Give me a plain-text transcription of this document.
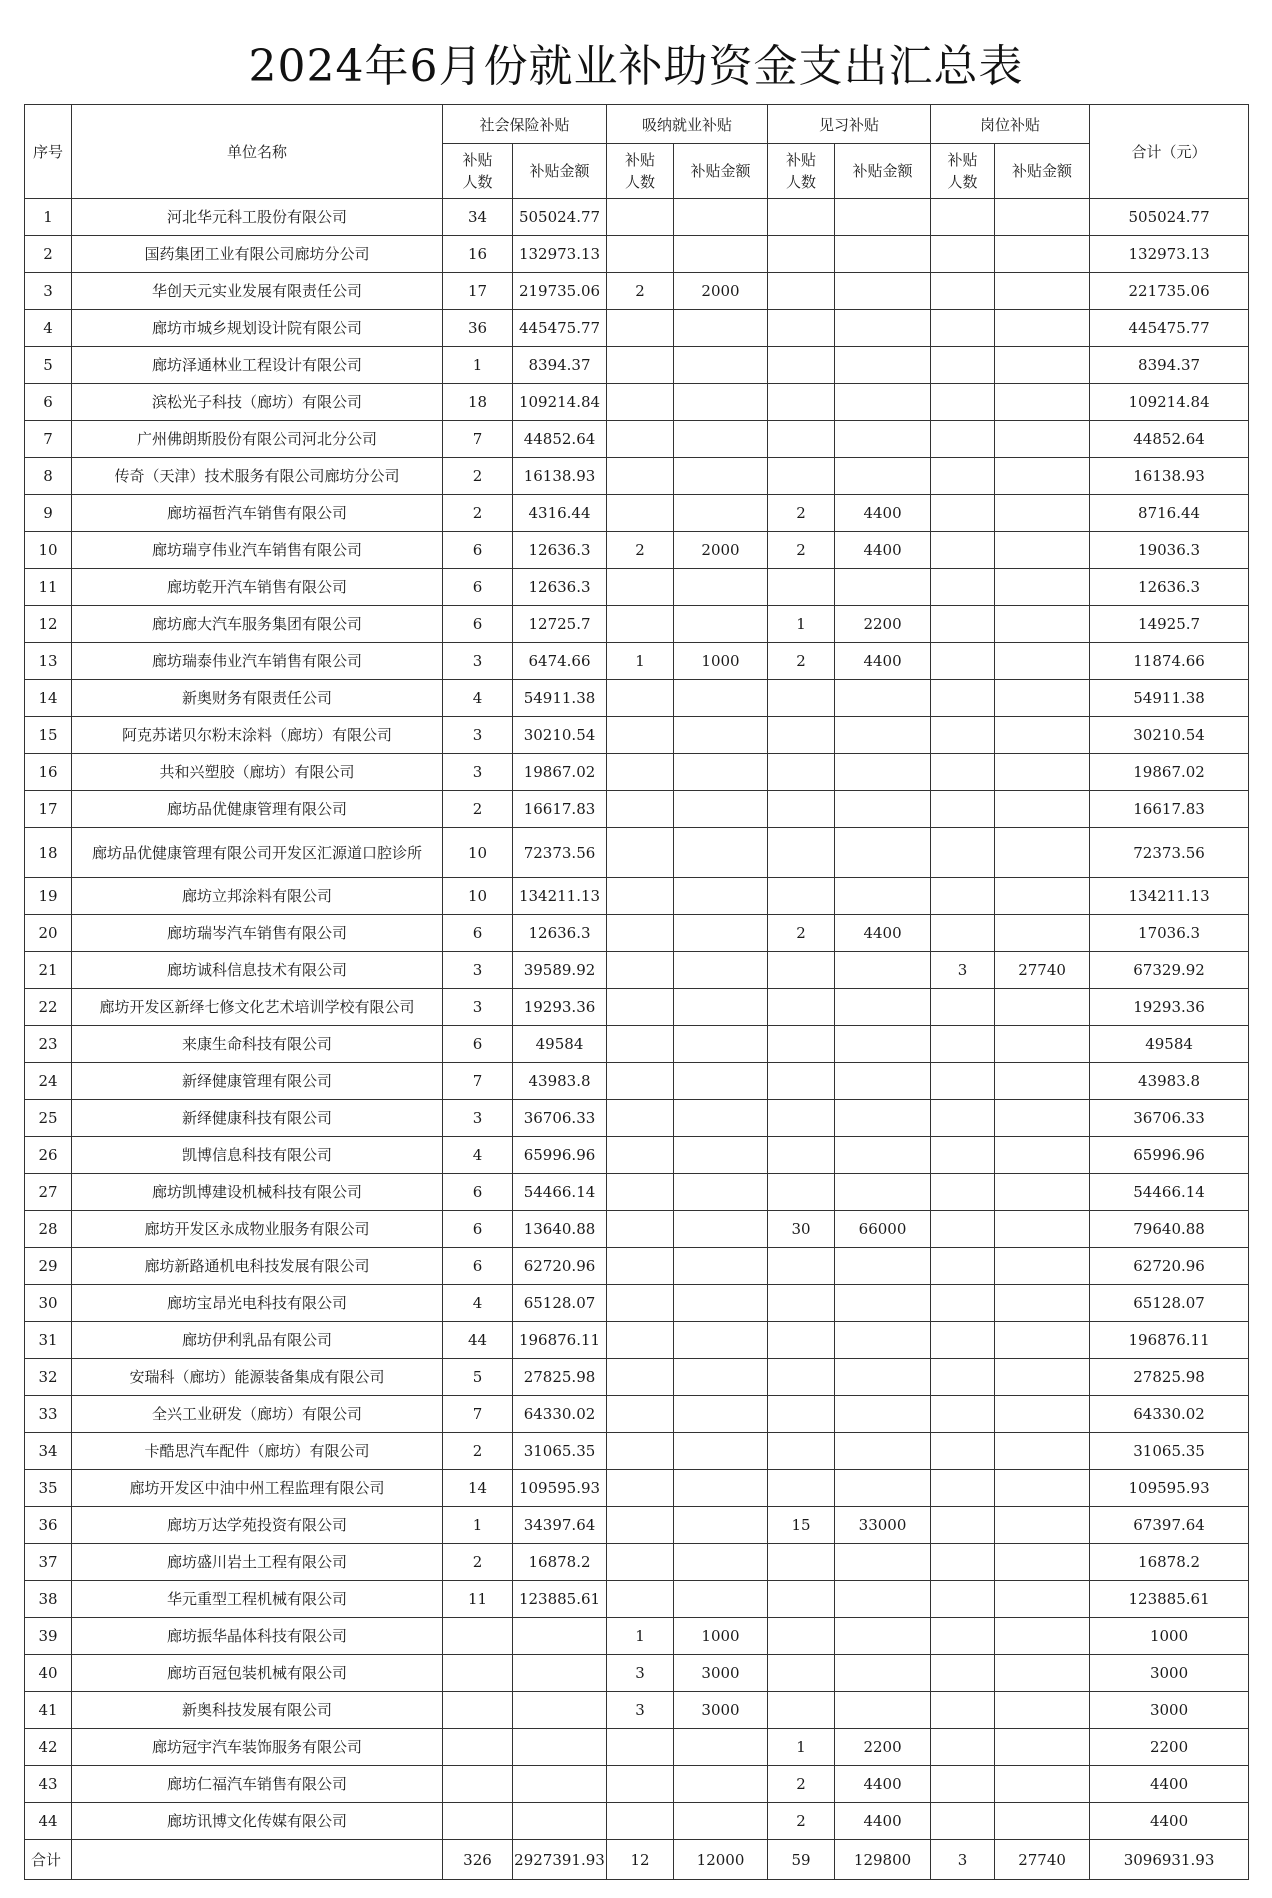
2024年6月份就业补助资金支出汇总表
序号	单位名称	社会保险补贴		吸纳就业补贴		见习补贴		岗位补贴		合计（元）
		补贴人数	补贴金额	补贴人数	补贴金额	补贴人数	补贴金额	补贴人数	补贴金额	
1	河北华元科工股份有限公司	34	505024.77							505024.77
2	国药集团工业有限公司廊坊分公司	16	132973.13							132973.13
3	华创天元实业发展有限责任公司	17	219735.06	2	2000					221735.06
4	廊坊市城乡规划设计院有限公司	36	445475.77							445475.77
5	廊坊泽通林业工程设计有限公司	1	8394.37							8394.37
6	滨松光子科技（廊坊）有限公司	18	109214.84							109214.84
7	广州佛朗斯股份有限公司河北分公司	7	44852.64							44852.64
8	传奇（天津）技术服务有限公司廊坊分公司	2	16138.93							16138.93
9	廊坊福哲汽车销售有限公司	2	4316.44			2	4400			8716.44
10	廊坊瑞亨伟业汽车销售有限公司	6	12636.3	2	2000	2	4400			19036.3
11	廊坊乾开汽车销售有限公司	6	12636.3							12636.3
12	廊坊廊大汽车服务集团有限公司	6	12725.7			1	2200			14925.7
13	廊坊瑞泰伟业汽车销售有限公司	3	6474.66	1	1000	2	4400			11874.66
14	新奥财务有限责任公司	4	54911.38							54911.38
15	阿克苏诺贝尔粉末涂料（廊坊）有限公司	3	30210.54							30210.54
16	共和兴塑胶（廊坊）有限公司	3	19867.02							19867.02
17	廊坊品优健康管理有限公司	2	16617.83							16617.83
18	廊坊品优健康管理有限公司开发区汇源道口腔诊所	10	72373.56							72373.56
19	廊坊立邦涂料有限公司	10	134211.13							134211.13
20	廊坊瑞岑汽车销售有限公司	6	12636.3			2	4400			17036.3
21	廊坊诚科信息技术有限公司	3	39589.92					3	27740	67329.92
22	廊坊开发区新绎七修文化艺术培训学校有限公司	3	19293.36							19293.36
23	来康生命科技有限公司	6	49584							49584
24	新绎健康管理有限公司	7	43983.8							43983.8
25	新绎健康科技有限公司	3	36706.33							36706.33
26	凯博信息科技有限公司	4	65996.96							65996.96
27	廊坊凯博建设机械科技有限公司	6	54466.14							54466.14
28	廊坊开发区永成物业服务有限公司	6	13640.88			30	66000			79640.88
29	廊坊新路通机电科技发展有限公司	6	62720.96							62720.96
30	廊坊宝昂光电科技有限公司	4	65128.07							65128.07
31	廊坊伊利乳品有限公司	44	196876.11							196876.11
32	安瑞科（廊坊）能源装备集成有限公司	5	27825.98							27825.98
33	全兴工业研发（廊坊）有限公司	7	64330.02							64330.02
34	卡酷思汽车配件（廊坊）有限公司	2	31065.35							31065.35
35	廊坊开发区中油中州工程监理有限公司	14	109595.93							109595.93
36	廊坊万达学苑投资有限公司	1	34397.64			15	33000			67397.64
37	廊坊盛川岩土工程有限公司	2	16878.2							16878.2
38	华元重型工程机械有限公司	11	123885.61							123885.61
39	廊坊振华晶体科技有限公司			1	1000					1000
40	廊坊百冠包装机械有限公司			3	3000					3000
41	新奥科技发展有限公司			3	3000					3000
42	廊坊冠宇汽车装饰服务有限公司					1	2200			2200
43	廊坊仁福汽车销售有限公司					2	4400			4400
44	廊坊讯博文化传媒有限公司					2	4400			4400
合计		326	2927391.93	12	12000	59	129800	3	27740	3096931.93
